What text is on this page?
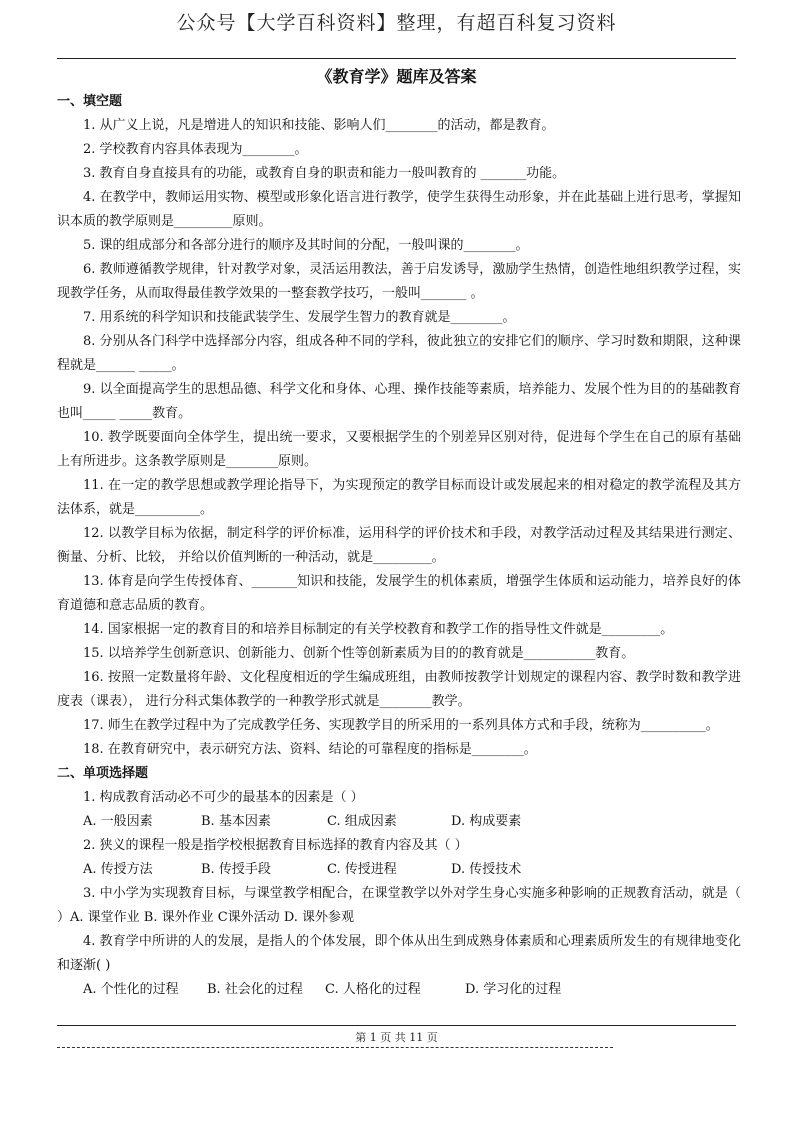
公众号【大学百科资料】整理，有超百科复习资料
《教育学》题库及答案
一、填空题

1. 从广义上说，凡是增进人的知识和技能、影响人们________的活动，都是教育。

2. 学校教育内容具体表现为________。

3. 教育自身直接具有的功能，或教育自身的职责和能力一般叫教育的 _______功能。

4. 在教学中，教师运用实物、模型或形象化语言进行教学，使学生获得生动形象，并在此基础上进行思考，掌握知识本质的教学原则是_________原则。

5. 课的组成部分和各部分进行的顺序及其时间的分配，一般叫课的________。

6. 教师遵循教学规律，针对教学对象，灵活运用教法，善于启发诱导，激励学生热情，创造性地组织教学过程，实现教学任务，从而取得最佳教学效果的一整套教学技巧，一般叫_______ 。

7. 用系统的科学知识和技能武装学生、发展学生智力的教育就是________。

8. 分别从各门科学中选择部分内容，组成各种不同的学科，彼此独立的安排它们的顺序、学习时数和期限，这种课程就是______ _____。

9. 以全面提高学生的思想品德、科学文化和身体、心理、操作技能等素质，培养能力、发展个性为目的的基础教育也叫_____ _____教育。

10. 教学既要面向全体学生，提出统一要求，又要根据学生的个别差异区别对待，促进每个学生在自己的原有基础上有所进步。这条教学原则是________原则。

11. 在一定的教学思想或教学理论指导下，为实现预定的教学目标而设计或发展起来的相对稳定的教学流程及其方法体系，就是__________。

12. 以教学目标为依据，制定科学的评价标准，运用科学的评价技术和手段，对教学活动过程及其结果进行测定、衡量、分析、比较， 并给以价值判断的一种活动，就是_________。

13. 体育是向学生传授体育、_______知识和技能，发展学生的机体素质，增强学生体质和运动能力，培养良好的体育道德和意志品质的教育。

14. 国家根据一定的教育目的和培养目标制定的有关学校教育和教学工作的指导性文件就是_________。

15. 以培养学生创新意识、创新能力、创新个性等创新素质为目的的教育就是___________教育。

16. 按照一定数量将年龄、文化程度相近的学生编成班组，由教师按教学计划规定的课程内容、教学时数和教学进度表（课表）， 进行分科式集体教学的一种教学形式就是________教学。

17. 师生在教学过程中为了完成教学任务、实现教学目的所采用的一系列具体方式和手段，统称为__________。

18. 在教育研究中，表示研究方法、资料、结论的可靠程度的指标是________。

二、单项选择题

1. 构成教育活动必不可少的最基本的因素是（ ）

A. 一般因素	B. 基本因素	C. 组成因素	D. 构成要素

2. 狭义的课程一般是指学校根据教育目标选择的教育内容及其（ ）

A. 传授方法	B. 传授手段	C. 传授进程	D. 传授技术

3. 中小学为实现教育目标，与课堂教学相配合，在课堂教学以外对学生身心实施多种影响的正规教育活动，就是（ ）A. 课堂作业 B. 课外作业 C课外活动 D. 课外参观

4. 教育学中所讲的人的发展，是指人的个体发展，即个体从出生到成熟身体素质和心理素质所发生的有规律地变化和逐渐( )

A. 个性化的过程	B. 社会化的过程	C. 人格化的过程	D. 学习化的过程
第 1 页 共 11 页
